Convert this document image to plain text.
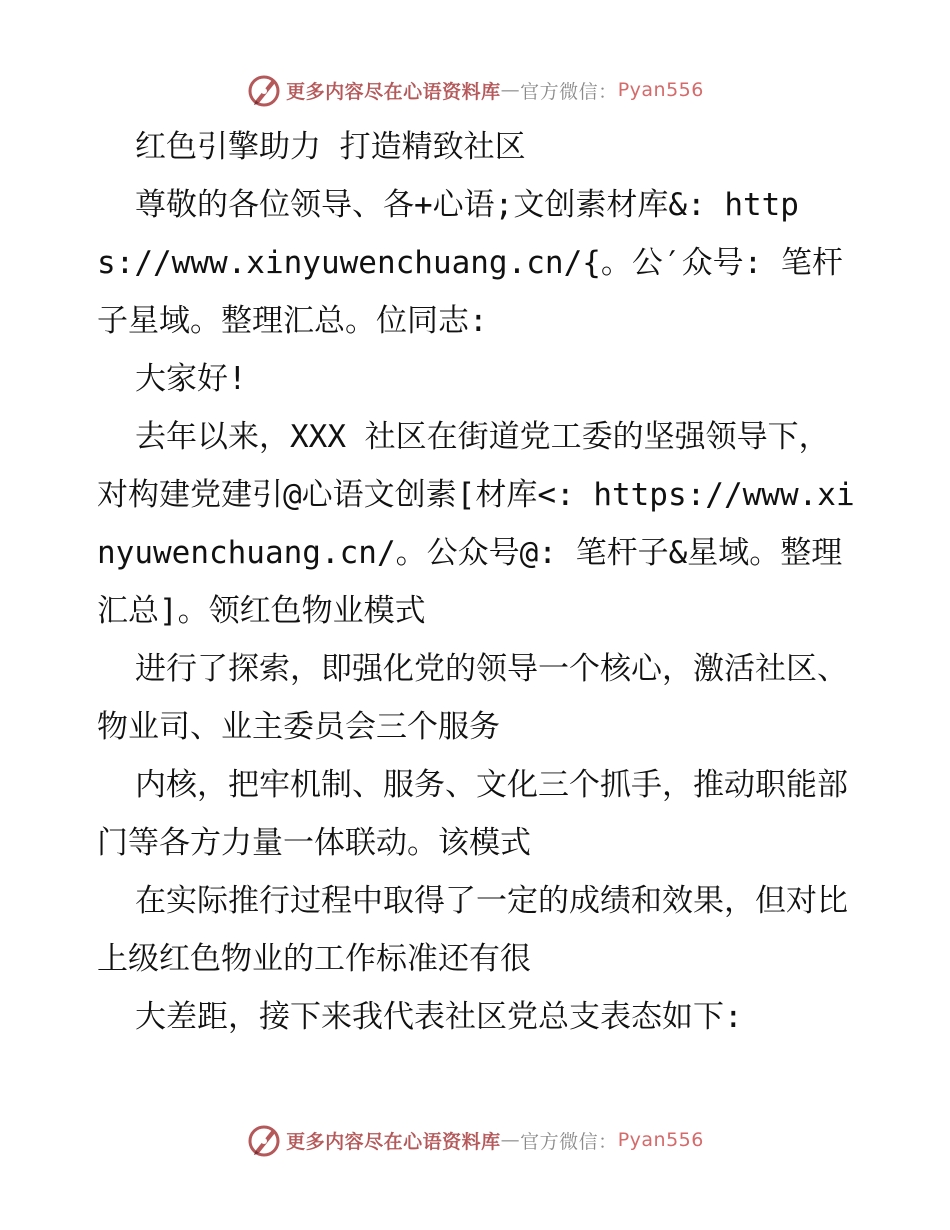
更多内容尽在心语资料库 — 官方微信： Pyan556

红色引擎助力 打造精致社区

尊敬的各位领导、各+心语;文创素材库&: https://www.xinyuwenchuang.cn/{。公′众号: 笔杆子星域。整理汇总。位同志:

大家好!

去年以来，XXX 社区在街道党工委的坚强领导下，对构建党建引@心语文创素[材库<: https://www.xinyuwenchuang.cn/。公众号@: 笔杆子&星域。整理汇总]。领红色物业模式

进行了探索，即强化党的领导一个核心，激活社区、物业司、业主委员会三个服务

内核，把牢机制、服务、文化三个抓手，推动职能部门等各方力量一体联动。该模式

在实际推行过程中取得了一定的成绩和效果，但对比上级红色物业的工作标准还有很

大差距，接下来我代表社区党总支表态如下:

更多内容尽在心语资料库 — 官方微信： Pyan556
